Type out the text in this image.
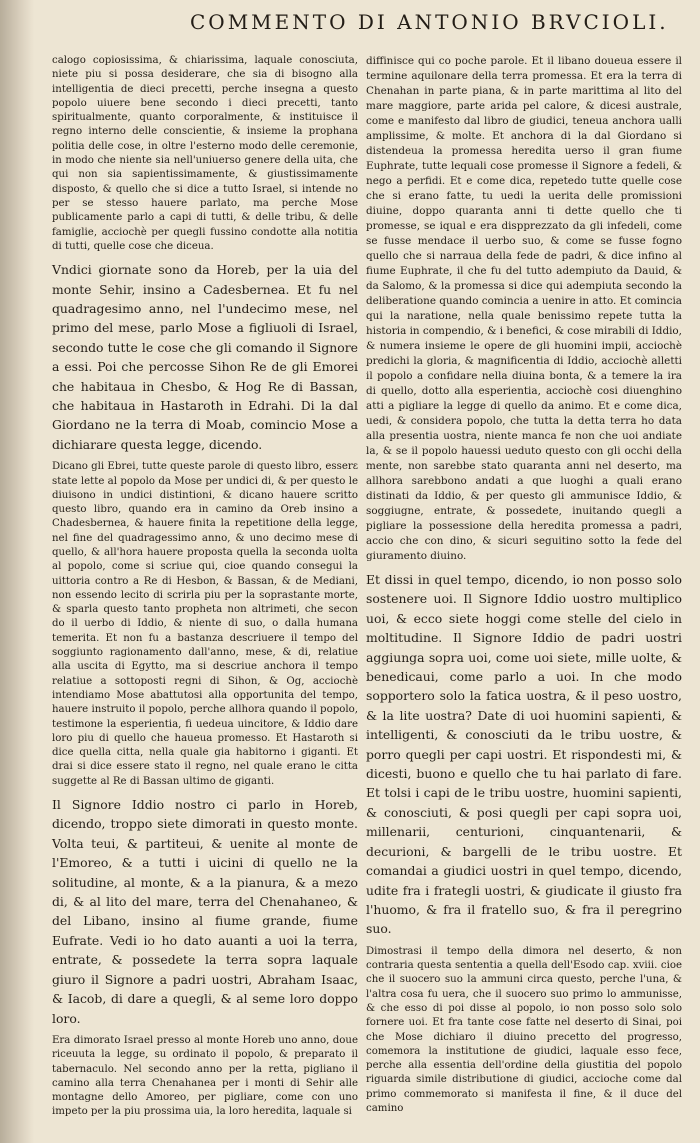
COMMENTO DI ANTONIO BRVCIOLI.

calogo copiosissima, & chiarissima, laquale conosciuta, niete piu si possa desiderare, che sia di bisogno alla intelligentia de dieci precetti, perche insegna a questo popolo uiuere bene secondo i dieci precetti, tanto spiritualmente, quanto corporalmente, & instituisce il regno interno delle conscientie, & insieme la prophana politia delle cose, in oltre l'esterno modo delle ceremonie, in modo che niente sia nell'uniuerso genere della uita, che qui non sia sapientissimamente, & giustissimamente disposto, & quello che si dice a tutto Israel, si intende no per se stesso hauere parlato, ma perche Mose publicamente parlo a capi di tutti, & delle tribu, & delle famiglie, acciochè per quegli fussino condotte alla notitia di tutti, quelle cose che diceua.

Vndici giornate sono da Horeb, per la uia del monte Sehir, insino a Cadesbernea. Et fu nel quadragesimo anno, nel l'undecimo mese, nel primo del mese, parlo Mose a figliuoli di Israel, secondo tutte le cose che gli comando il Signore a essi. Poi che percosse Sihon Re de gli Emorei che habitaua in Chesbo, & Hog Re di Bassan, che habitaua in Hastaroth in Edrahi. Di la dal Giordano ne la terra di Moab, comincio Mose a dichiarare questa legge, dicendo.

Dicano gli Ebrei, tutte queste parole di questo libro, esserε state lette al popolo da Mose per undici di, & per questo le diuisono in undici distintioni, & dicano hauere scritto questo libro, quando era in camino da Oreb insino a Chadesbernea, & hauere finita la repetitione della legge, nel fine del quadragessimo anno, & uno decimo mese di quello, & all'hora hauere proposta quella la seconda uolta al popolo, come si scriue qui, cioe quando consegui la uittoria contro a Re di Hesbon, & Bassan, & de Mediani, non essendo lecito di scrirla piu per la soprastante morte, & sparla questo tanto propheta non altrimeti, che secon do il uerbo di Iddio, & niente di suo, o dalla humana temerita. Et non fu a bastanza descriuere il tempo del soggiunto ragionamento dall'anno, mese, & di, relatiue alla uscita di Egytto, ma si descriue anchora il tempo relatiue a sottoposti regni di Sihon, & Og, acciochè intendiamo Mose abattutosi alla opportunita del tempo, hauere instruito il popolo, perche allhora quando il popolo, testimone la esperientia, fi uedeua uincitore, & Iddio dare loro piu di quello che haueua promesso. Et Hastaroth si dice quella citta, nella quale gia habitorno i giganti. Et drai si dice essere stato il regno, nel quale erano le citta suggette al Re di Bassan ultimo de giganti.

Il Signore Iddio nostro ci parlo in Horeb, dicendo, troppo siete dimorati in questo monte. Volta teui, & partiteui, & uenite al monte de l'Emoreo, & a tutti i uicini di quello ne la solitudine, al monte, & a la pianura, & a mezo di, & al lito del mare, terra del Chenahaneo, & del Libano, insino al fiume grande, fiume Eufrate. Vedi io ho dato auanti a uoi la terra, entrate, & possedete la terra sopra laquale giuro il Signore a padri uostri, Abraham Isaac, & Iacob, di dare a quegli, & al seme loro doppo loro.

Era dimorato Israel presso al monte Horeb uno anno, doue riceuuta la legge, su ordinato il popolo, & preparato il tabernaculo. Nel secondo anno per la retta, pigliano il camino alla terra Chenahanea per i monti di Sehir alle montagne dello Amoreo, per pigliare, come con uno impeto per la piu prossima uia, la loro heredita, laquale si

diffinisce qui co poche parole. Et il libano doueua essere il termine aquilonare della terra promessa. Et era la terra di Chenahan in parte piana, & in parte marittima al lito del mare maggiore, parte arida pel calore, & dicesi australe, come e manifesto dal libro de giudici, teneua anchora ualli amplissime, & molte. Et anchora di la dal Giordano si distendeua la promessa heredita uerso il gran fiume Euphrate, tutte lequali cose promesse il Signore a fedeli, & nego a perfidi. Et e come dica, repetedo tutte quelle cose che si erano fatte, tu uedi la uerita delle promissioni diuine, doppo quaranta anni ti dette quello che ti promesse, se iqual e era dispprezzato da gli infedeli, come se fusse mendace il uerbo suo, & come se fusse fogno quello che si narraua della fede de padri, & dice infino al fiume Euphrate, il che fu del tutto adempiuto da Dauid, & da Salomo, & la promessa si dice qui adempiuta secondo la deliberatione quando comincia a uenire in atto. Et comincia qui la naratione, nella quale benissimo repete tutta la historia in compendio, & i benefici, & cose mirabili di Iddio, & numera insieme le opere de gli huomini impii, acciochè predichi la gloria, & magnificentia di Iddio, acciochè alletti il popolo a confidare nella diuina bonta, & a temere la ira di quello, dotto alla esperientia, acciochè cosi diuenghino atti a pigliare la legge di quello da animo. Et e come dica, uedi, & considera popolo, che tutta la detta terra ho data alla presentia uostra, niente manca fe non che uoi andiate la, & se il popolo hauessi ueduto questo con gli occhi della mente, non sarebbe stato quaranta anni nel deserto, ma allhora sarebbono andati a que luoghi a quali erano distinati da Iddio, & per questo gli ammunisce Iddio, & soggiugne, entrate, & possedete, inuitando quegli a pigliare la possessione della heredita promessa a padri, accio che con dino, & sicuri seguitino sotto la fede del giuramento diuino.

Et dissi in quel tempo, dicendo, io non posso solo sostenere uoi. Il Signore Iddio uostro multiplico uoi, & ecco siete hoggi come stelle del cielo in moltitudine. Il Signore Iddio de padri uostri aggiunga sopra uoi, come uoi siete, mille uolte, & benedicaui, come parlo a uoi. In che modo sopportero solo la fatica uostra, & il peso uostro, & la lite uostra? Date di uoi huomini sapienti, & intelligenti, & conosciuti da le tribu uostre, & porro quegli per capi uostri. Et rispondesti mi, & dicesti, buono e quello che tu hai parlato di fare. Et tolsi i capi de le tribu uostre, huomini sapienti, & conosciuti, & posi quegli per capi sopra uoi, millenarii, centurioni, cinquantenarii, & decurioni, & bargelli de le tribu uostre. Et comandai a giudici uostri in quel tempo, dicendo, udite fra i frategli uostri, & giudicate il giusto fra l'huomo, & fra il fratello suo, & fra il peregrino suo.

Dimostrasi il tempo della dimora nel deserto, & non contraria questa sententia a quella dell'Esodo cap. xviii. cioe che il suocero suo la ammuni circa questo, perche l'una, & l'altra cosa fu uera, che il suocero suo primo lo ammunisse, & che esso di poi disse al popolo, io non posso solo solo fornere uoi. Et fra tante cose fatte nel deserto di Sinai, poi che Mose dichiaro il diuino precetto del progresso, comemora la institutione de giudici, laquale esso fece, perche alla essentia dell'ordine della giustitia del popolo riguarda simile distributione di giudici, accioche come dal primo commemorato si manifesta il fine, & il duce del camino
